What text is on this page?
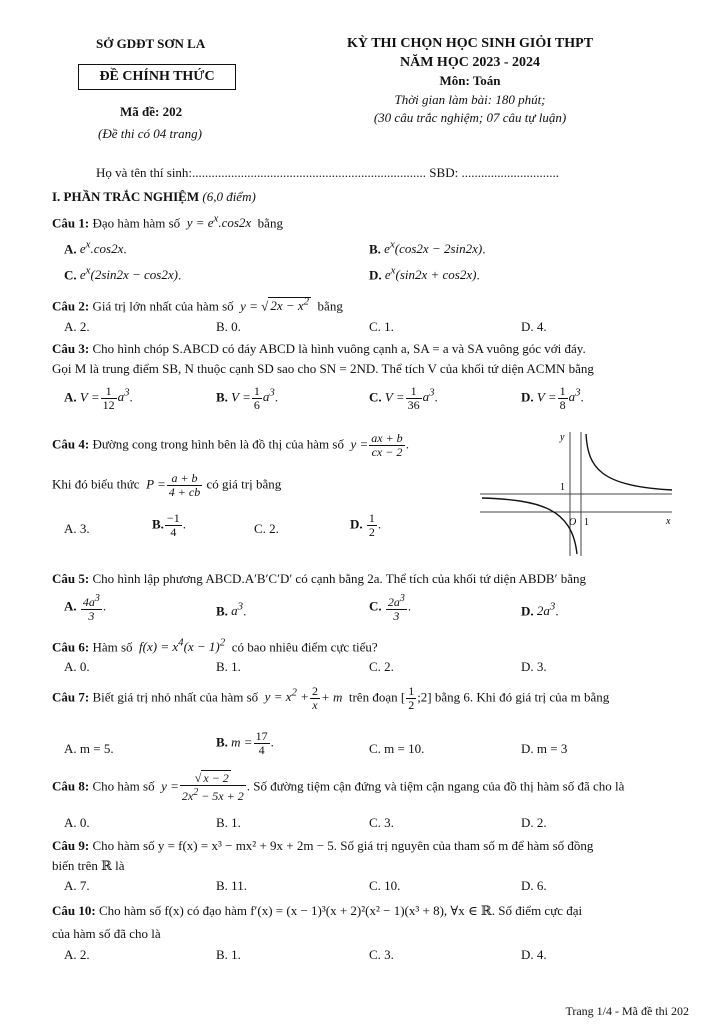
SỞ GDĐT SƠN LA
ĐỀ CHÍNH THỨC
Mã đề: 202
(Đề thi có 04 trang)
KỲ THI CHỌN HỌC SINH GIỎI THPT
NĂM HỌC 2023 - 2024
Môn: Toán
Thời gian làm bài: 180 phút;
(30 câu trắc nghiệm; 07 câu tự luận)
Họ và tên thí sinh:........................................................................ SBD: ..............................
I. PHẦN TRẮC NGHIỆM (6,0 điểm)
Câu 1: Đạo hàm hàm số  $y = e^x.\cos 2x$  bằng
A. $e^x.\cos 2x$.	B. $e^x(\cos 2x - 2\sin 2x)$.
C. $e^x(2\sin 2x - \cos 2x)$.	D. $e^x(\sin 2x + \cos 2x)$.
Câu 2: Giá trị lớn nhất của hàm số  y = √ $2x - x^2$ bằng
A. 2.	B. 0.	C. 1.	D. 4.
Câu 3: Cho hình chóp S.ABCD có đáy ABCD là hình vuông cạnh a, SA = a và SA vuông góc với đáy.
Gọi M là trung điểm SB, N thuộc cạnh SD sao cho SN = 2ND. Thể tích V của khối tứ diện ACMN bằng
A. $V = \frac{1}{12} a^3$.	B. $V = \frac{1}{6} a^3$.	C. $V = \frac{1}{36} a^3$.	D. $V = \frac{1}{8} a^3$.
Câu 4: Đường cong trong hình bên là đồ thị của hàm số  $y = \frac{ax + b}{cx - 2}$ .
Khi đó biểu thức  $P = \frac{a + b}{4 + cb}$ có giá trị bằng
A. 3.	B. $\frac{-1}{4}$ .	C. 2.	D. $\frac{1}{2}$ .
y
x
1
O 1
Câu 5: Cho hình lập phương ABCD.A′B′C′D′ có cạnh bằng 2a. Thể tích của khối tứ diện ABDB′ bằng
A. $\frac{4a^3}{3}$ .	B. $a^3$.	C. $\frac{2a^3}{3}$ .	D. $2a^3$.
Câu 6: Hàm số  $f(x) = x^4(x - 1)^2$ có bao nhiêu điểm cực tiểu?
A. 0.	B. 1.	C. 2.	D. 3.
Câu 7: Biết giá trị nhỏ nhất của hàm số  $y = x^2 + \frac{2}{x} + m$  trên đoạn [ $\frac{1}{2}$ ;2] bằng 6. Khi đó giá trị của m bằng
A. m = 5.	B. $m = \frac{17}{4}$ .	C. m = 10.	D. m = 3
Câu 8: Cho hàm số  $y = \frac{√ x - 2}{2x^2 - 5x + 2}$ . Số đường tiệm cận đứng và tiệm cận ngang của đồ thị hàm số đã cho là
A. 0.	B. 1.	C. 3.	D. 2.
Câu 9: Cho hàm số y = f(x) = x³ − mx² + 9x + 2m − 5. Số giá trị nguyên của tham số m để hàm số đồng
biến trên ℝ là
A. 7.	B. 11.	C. 10.	D. 6.
Câu 10: Cho hàm số f(x) có đạo hàm f′(x) = (x − 1)³(x + 2)²(x² − 1)(x³ + 8), ∀x ∈ ℝ. Số điểm cực đại
của hàm số đã cho là
A. 2.	B. 1.	C. 3.	D. 4.
Trang 1/4 - Mã đề thi 202
